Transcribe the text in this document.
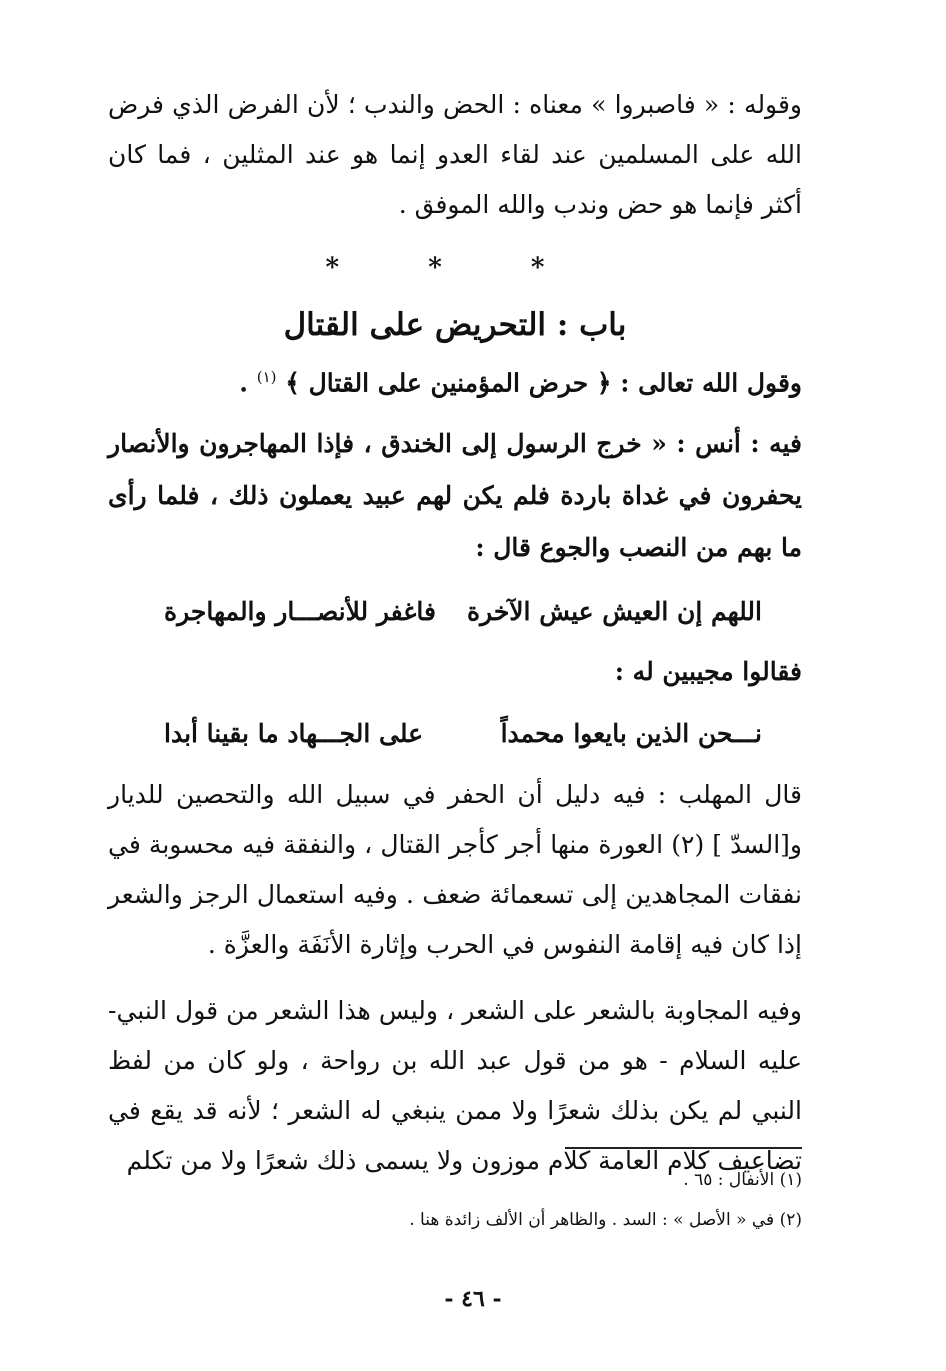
وقوله : « فاصبروا » معناه : الحض والندب ؛ لأن الفرض الذي فرض الله على المسلمين عند لقاء العدو إنما هو عند المثلين ، فما كان أكثر فإنما هو حض وندب والله الموفق .

* * *
باب : التحريض على القتال
وقول الله تعالى : ﴿ حرض المؤمنين على القتال ﴾ $^{(١)}$ .

فيه : أنس : « خرج الرسول إلى الخندق ، فإذا المهاجرون والأنصار يحفرون في غداة باردة فلم يكن لهم عبيد يعملون ذلك ، فلما رأى ما بهم من النصب والجوع قال :

اللهم إن العيش عيش الآخرة
فاغفر للأنصـــار والمهاجرة
فقالوا مجيبين له :
نـــحن الذين بايعوا محمداً
على الجـــهاد ما بقينا أبدا

قال المهلب : فيه دليل أن الحفر في سبيل الله والتحصين للديار و[السدّ ] (٢) العورة منها أجر كأجر القتال ، والنفقة فيه محسوبة في نفقات المجاهدين إلى تسعمائة ضعف . وفيه استعمال الرجز والشعر إذا كان فيه إقامة النفوس في الحرب وإثارة الأنَفَة والعزَّة .

وفيه المجاوبة بالشعر على الشعر ، وليس هذا الشعر من قول النبي- عليه السلام - هو من قول عبد الله بن رواحة ، ولو كان من لفظ النبي لم يكن بذلك شعرًا ولا ممن ينبغي له الشعر ؛ لأنه قد يقع في تضاعيف كلام العامة كلام موزون ولا يسمى ذلك شعرًا ولا من تكلم

(١) الأنفال : ٦٥ .

(٢) في « الأصل » : السد . والظاهر أن الألف زائدة هنا .

- ٤٦ -
